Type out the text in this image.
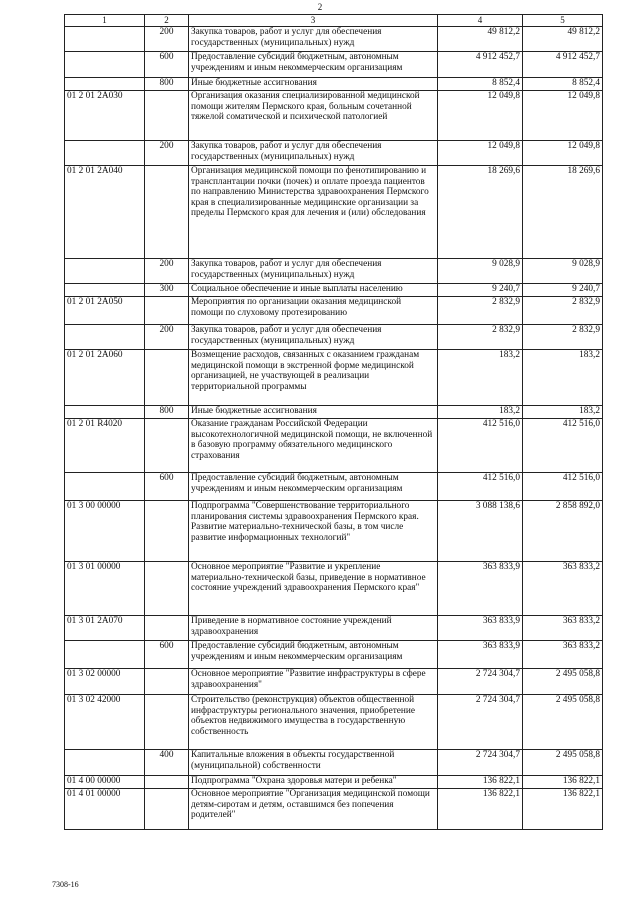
2
1	2	3	4	5
	200	Закупка товаров, работ и услуг для обеспечения государственных (муниципальных) нужд	49 812,2	49 812,2
	600	Предоставление субсидий бюджетным, автономным учреждениям и иным некоммерческим организациям	4 912 452,7	4 912 452,7
	800	Иные бюджетные ассигнования	8 852,4	8 852,4
01 2 01 2А030		Организация оказания специализированной медицинской помощи жителям Пермского края, больным сочетанной тяжелой соматической и психической патологией	12 049,8	12 049,8
	200	Закупка товаров, работ и услуг для обеспечения государственных (муниципальных) нужд	12 049,8	12 049,8
01 2 01 2А040		Организация медицинской помощи по фенотипированию и трансплантации почки (почек) и оплате проезда пациентов по направлению Министерства здравоохранения Пермского края в специализированные медицинские организации за пределы Пермского края для лечения и (или) обследования	18 269,6	18 269,6
	200	Закупка товаров, работ и услуг для обеспечения государственных (муниципальных) нужд	9 028,9	9 028,9
	300	Социальное обеспечение и иные выплаты населению	9 240,7	9 240,7
01 2 01 2А050		Мероприятия по организации оказания медицинской помощи по слуховому протезированию	2 832,9	2 832,9
	200	Закупка товаров, работ и услуг для обеспечения государственных (муниципальных) нужд	2 832,9	2 832,9
01 2 01 2А060		Возмещение расходов, связанных с оказанием гражданам медицинской помощи в экстренной форме медицинской организацией, не участвующей в реализации территориальной программы	183,2	183,2
	800	Иные бюджетные ассигнования	183,2	183,2
01 2 01 R4020		Оказание гражданам Российской Федерации высокотехнологичной медицинской помощи, не включенной в базовую программу обязательного медицинского страхования	412 516,0	412 516,0
	600	Предоставление субсидий бюджетным, автономным учреждениям и иным некоммерческим организациям	412 516,0	412 516,0
01 3 00 00000		Подпрограмма "Совершенствование территориального планирования системы здравоохранения Пермского края. Развитие материально-технической базы, в том числе развитие информационных технологий"	3 088 138,6	2 858 892,0
01 3 01 00000		Основное мероприятие "Развитие и укрепление материально-технической базы, приведение в нормативное состояние учреждений здравоохранения Пермского края"	363 833,9	363 833,2
01 3 01 2А070		Приведение в нормативное состояние учреждений здравоохранения	363 833,9	363 833,2
	600	Предоставление субсидий бюджетным, автономным учреждениям и иным некоммерческим организациям	363 833,9	363 833,2
01 3 02 00000		Основное мероприятие "Развитие инфраструктуры в сфере здравоохранения"	2 724 304,7	2 495 058,8
01 3 02 42000		Строительство (реконструкция) объектов общественной инфраструктуры регионального значения, приобретение объектов недвижимого имущества в государственную собственность	2 724 304,7	2 495 058,8
	400	Капитальные вложения в объекты государственной (муниципальной) собственности	2 724 304,7	2 495 058,8
01 4 00 00000		Подпрограмма "Охрана здоровья матери и ребенка"	136 822,1	136 822,1
01 4 01 00000		Основное мероприятие "Организация медицинской помощи детям-сиротам и детям, оставшимся без попечения родителей"	136 822,1	136 822,1
7308-16
